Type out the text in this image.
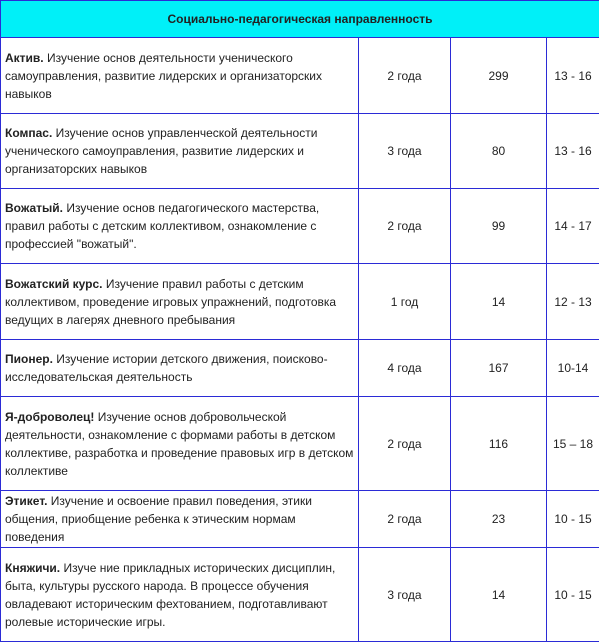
Социально-педагогическая направленность			
Актив. Изучение основ деятельности ученического самоуправления, развитие лидерских и организаторских навыков	2 года	299	13 - 16
Компас. Изучение основ управленческой деятельности ученического самоуправления, развитие лидерских и организаторских навыков	3 года	80	13 - 16
Вожатый. Изучение основ педагогического мастерства, правил работы с детским коллективом, ознакомление с профессией "вожатый".	2 года	99	14 - 17
Вожатский курс. Изучение правил работы с детским коллективом, проведение игровых упражнений, подготовка ведущих в лагерях дневного пребывания	1 год	14	12 - 13
Пионер. Изучение истории детского движения, поисково-исследовательская деятельность	4 года	167	10-14
Я-доброволец! Изучение основ добровольческой деятельности, ознакомление с формами работы в детском коллективе, разработка и проведение правовых игр в детском коллективе	2 года	116	15 – 18
Этикет. Изучение и освоение правил поведения, этики общения, приобщение ребенка к этическим нормам поведения	2 года	23	10 - 15
Княжичи. Изуче ние прикладных исторических дисциплин, быта, культуры русского народа. В процессе обучения овладевают историческим фехтованием, подготавливают ролевые исторические игры.	3 года	14	10 - 15
